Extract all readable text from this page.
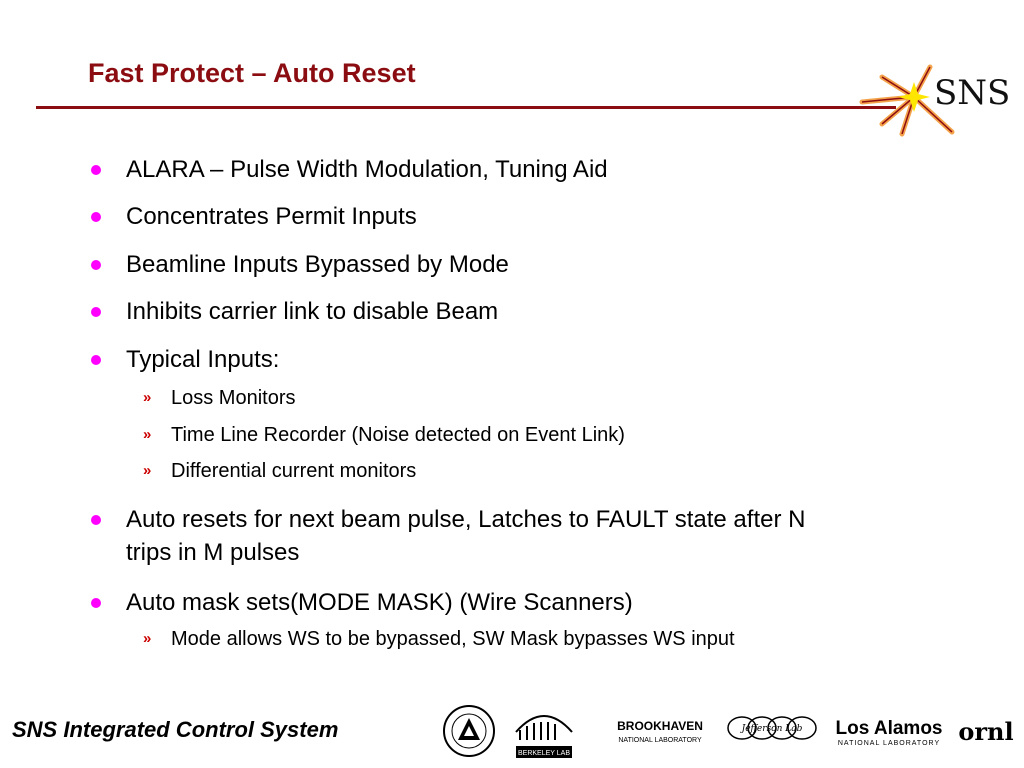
Fast Protect – Auto Reset	SNS
ALARA – Pulse Width Modulation, Tuning Aid
Concentrates Permit Inputs
Beamline Inputs Bypassed by Mode
Inhibits carrier link to disable Beam
Typical Inputs:
» Loss Monitors
» Time Line Recorder (Noise detected on Event Link)
» Differential current monitors
Auto resets for next beam pulse, Latches to FAULT state after N
trips in M pulses
Auto mask sets(MODE MASK) (Wire Scanners)
» Mode allows WS to be bypassed, SW Mask bypasses WS input
SNS Integrated Control System
BERKELEY LAB
BROOKHAVEN
NATIONAL LABORATORY
Jefferson Lab Los Alamos
NATIONAL LABORATORY ornl
